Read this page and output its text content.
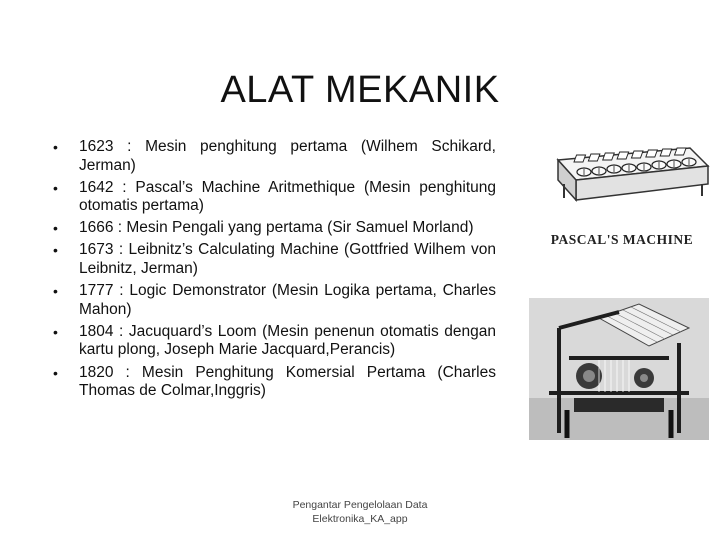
ALAT MEKANIK
• 1623 : Mesin penghitung pertama (Wilhem Schikard, Jerman)
• 1642 : Pascal’s Machine Aritmethique (Mesin penghitung otomatis pertama)
• 1666 : Mesin Pengali yang pertama (Sir Samuel Morland)
• 1673 : Leibnitz’s Calculating Machine (Gottfried Wilhem von Leibnitz, Jerman)
• 1777 : Logic Demonstrator (Mesin Logika pertama, Charles Mahon)
• 1804 : Jacuquard’s Loom (Mesin penenun otomatis dengan kartu plong, Joseph Marie Jacquard,Perancis)
• 1820 : Mesin Penghitung Komersial Pertama (Charles Thomas de Colmar,Inggris)
PASCAL'S MACHINE
Pengantar Pengelolaan Data
Elektronika_KA_app
